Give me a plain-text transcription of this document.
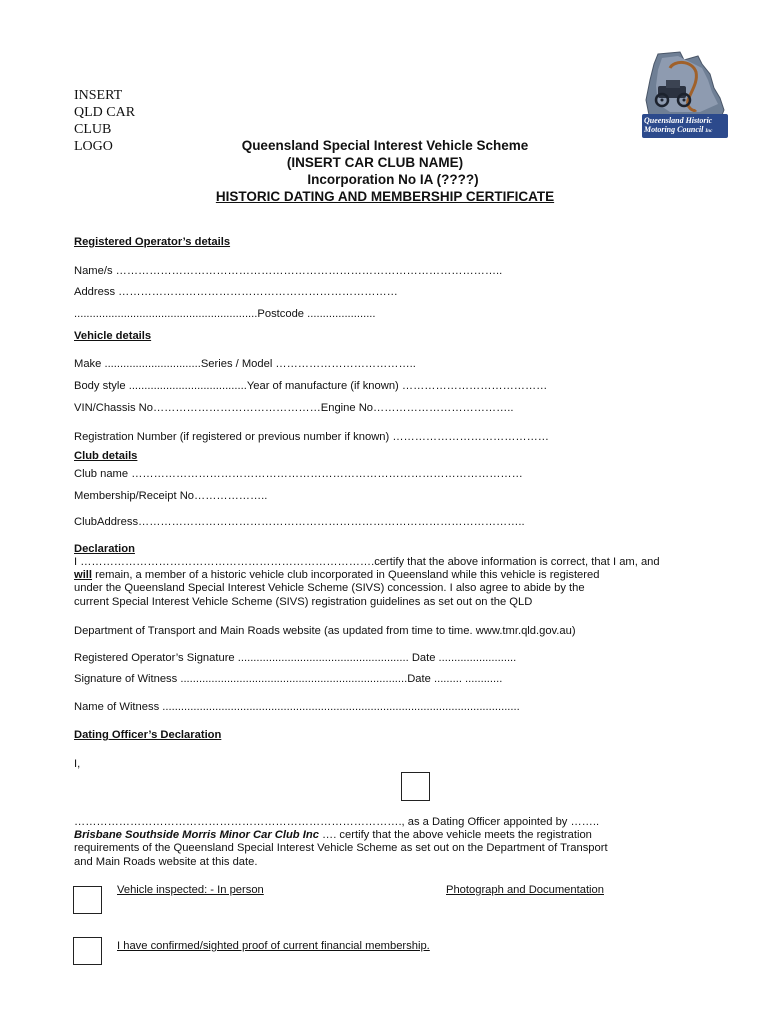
INSERT
QLD CAR
CLUB
LOGO
Queensland Historic
Motoring Council Inc
Queensland Special Interest Vehicle Scheme
(INSERT CAR CLUB NAME)
Incorporation No IA (????)
HISTORIC DATING AND MEMBERSHIP CERTIFICATE
Registered Operator’s details
Name/s …………………………………………………………………………………………..
Address …………………………………………………………………
...........................................................Postcode ......................
Vehicle details
Make ...............................Series / Model ………………………………..
Body style ......................................Year of manufacture (if known) …………………………………
VIN/Chassis No………………………………………Engine No………………………………..
Registration Number (if registered or previous number if known) ……………………………………
Club details
Club name ……………………………………………………………………………………………
Membership/Receipt No………………..
ClubAddress…………………………………………………………………………………………..
Declaration
I …………………………………………………………………….certify that the above information is correct, that I am, and
will remain, a member of a historic vehicle club incorporated in Queensland while this vehicle is registered
under the Queensland Special Interest Vehicle Scheme (SIVS) concession. I also agree to abide by the
current Special Interest Vehicle Scheme (SIVS) registration guidelines as set out on the QLD
Department of Transport and Main Roads website (as updated from time to time. www.tmr.qld.gov.au)
Registered Operator’s Signature ....................................................... Date .........................
Signature of Witness .........................................................................Date ......... ............
Name of Witness ...................................................................................................................
Dating Officer’s Declaration
I,
……………………………………………………………………………., as a Dating Officer appointed by ……..
Brisbane Southside Morris Minor Car Club Inc …. certify that the above vehicle meets the registration
requirements of the Queensland Special Interest Vehicle Scheme as set out on the Department of Transport
and Main Roads website at this date.
Vehicle inspected: - In person	Photograph and Documentation
I have confirmed/sighted proof of current financial membership.
